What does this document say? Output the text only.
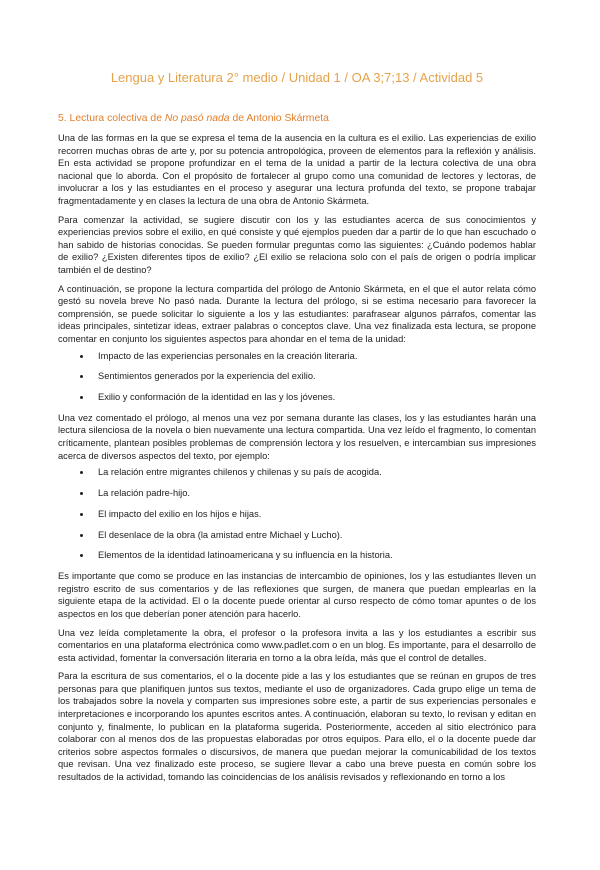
Lengua y Literatura 2° medio / Unidad 1 / OA 3;7;13 / Actividad 5
5. Lectura colectiva de No pasó nada de Antonio Skármeta

Una de las formas en la que se expresa el tema de la ausencia en la cultura es el exilio. Las experiencias de exilio recorren muchas obras de arte y, por su potencia antropológica, proveen de elementos para la reflexión y análisis. En esta actividad se propone profundizar en el tema de la unidad a partir de la lectura colectiva de una obra nacional que lo aborda. Con el propósito de fortalecer al grupo como una comunidad de lectores y lectoras, de involucrar a los y las estudiantes en el proceso y asegurar una lectura profunda del texto, se propone trabajar fragmentadamente y en clases la lectura de una obra de Antonio Skármeta.

Para comenzar la actividad, se sugiere discutir con los y las estudiantes acerca de sus conocimientos y experiencias previos sobre el exilio, en qué consiste y qué ejemplos pueden dar a partir de lo que han escuchado o han sabido de historias conocidas. Se pueden formular preguntas como las siguientes: ¿Cuándo podemos hablar de exilio? ¿Existen diferentes tipos de exilio? ¿El exilio se relaciona solo con el país de origen o podría implicar también el de destino?

A continuación, se propone la lectura compartida del prólogo de Antonio Skármeta, en el que el autor relata cómo gestó su novela breve No pasó nada. Durante la lectura del prólogo, si se estima necesario para favorecer la comprensión, se puede solicitar lo siguiente a los y las estudiantes: parafrasear algunos párrafos, comentar las ideas principales, sintetizar ideas, extraer palabras o conceptos clave. Una vez finalizada esta lectura, se propone comentar en conjunto los siguientes aspectos para ahondar en el tema de la unidad:

• Impacto de las experiencias personales en la creación literaria.
• Sentimientos generados por la experiencia del exilio.
• Exilio y conformación de la identidad en las y los jóvenes.

Una vez comentado el prólogo, al menos una vez por semana durante las clases, los y las estudiantes harán una lectura silenciosa de la novela o bien nuevamente una lectura compartida. Una vez leído el fragmento, lo comentan críticamente, plantean posibles problemas de comprensión lectora y los resuelven, e intercambian sus impresiones acerca de diversos aspectos del texto, por ejemplo:

• La relación entre migrantes chilenos y chilenas y su país de acogida.
• La relación padre-hijo.
• El impacto del exilio en los hijos e hijas.
• El desenlace de la obra (la amistad entre Michael y Lucho).
• Elementos de la identidad latinoamericana y su influencia en la historia.

Es importante que como se produce en las instancias de intercambio de opiniones, los y las estudiantes lleven un registro escrito de sus comentarios y de las reflexiones que surgen, de manera que puedan emplearlas en la siguiente etapa de la actividad. El o la docente puede orientar al curso respecto de cómo tomar apuntes o de los aspectos en los que deberían poner atención para hacerlo.

Una vez leída completamente la obra, el profesor o la profesora invita a las y los estudiantes a escribir sus comentarios en una plataforma electrónica como www.padlet.com o en un blog. Es importante, para el desarrollo de esta actividad, fomentar la conversación literaria en torno a la obra leída, más que el control de detalles.

Para la escritura de sus comentarios, el o la docente pide a las y los estudiantes que se reúnan en grupos de tres personas para que planifiquen juntos sus textos, mediante el uso de organizadores. Cada grupo elige un tema de los trabajados sobre la novela y comparten sus impresiones sobre este, a partir de sus experiencias personales e interpretaciones e incorporando los apuntes escritos antes. A continuación, elaboran su texto, lo revisan y editan en conjunto y, finalmente, lo publican en la plataforma sugerida. Posteriormente, acceden al sitio electrónico para colaborar con al menos dos de las propuestas elaboradas por otros equipos. Para ello, el o la docente puede dar criterios sobre aspectos formales o discursivos, de manera que puedan mejorar la comunicabilidad de los textos que revisan. Una vez finalizado este proceso, se sugiere llevar a cabo una breve puesta en común sobre los resultados de la actividad, tomando las coincidencias de los análisis revisados y reflexionando en torno a los
